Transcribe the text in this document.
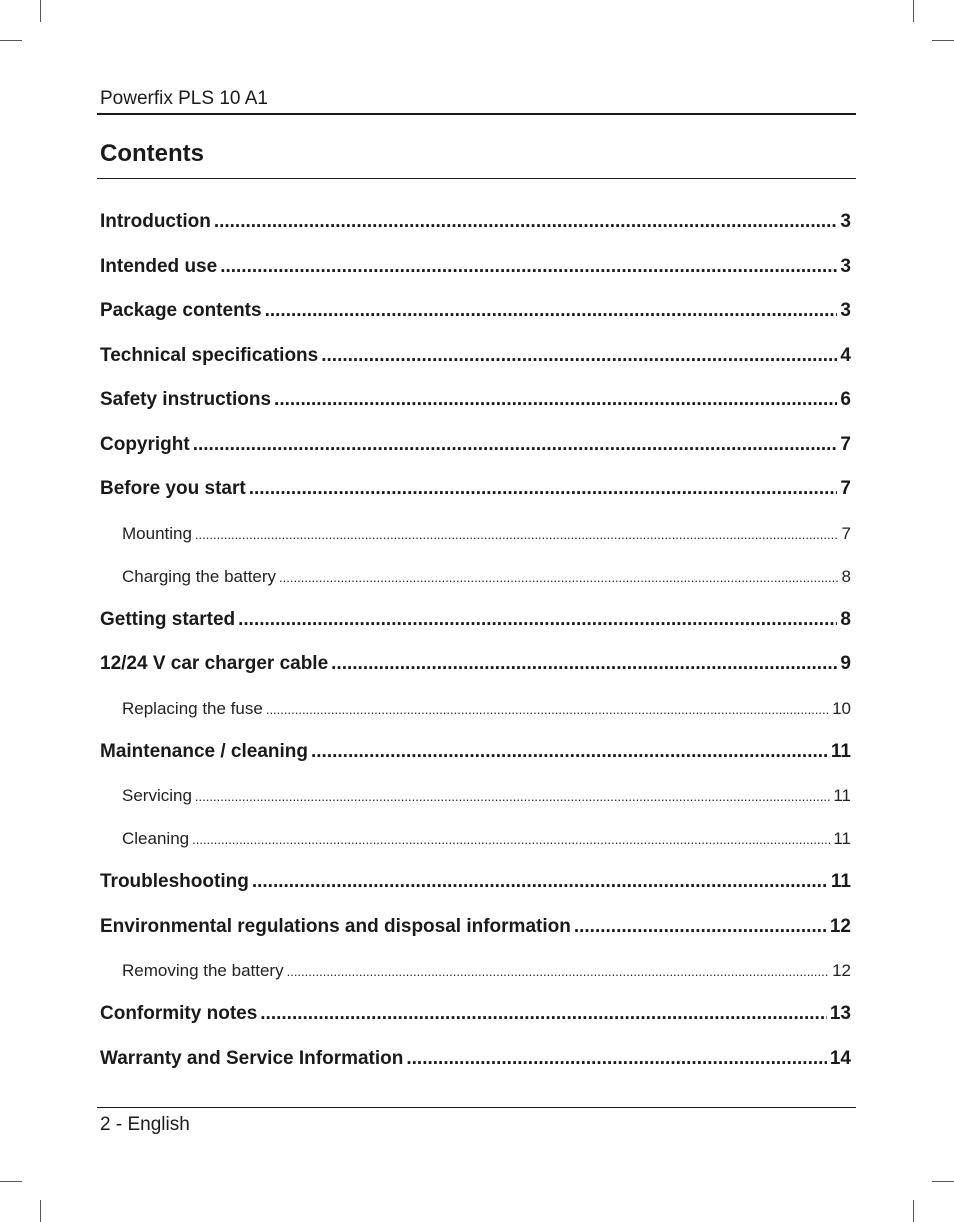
Powerfix PLS 10 A1
Contents
Introduction .....	3
Intended use .....	3
Package contents .....	3
Technical specifications .....	4
Safety instructions .....	6
Copyright .....	7
Before you start .....	7
Mounting .....	7
Charging the battery .....	8
Getting started .....	8
12/24 V car charger cable .....	9
Replacing the fuse .....	10
Maintenance / cleaning .....	11
Servicing .....	11
Cleaning .....	11
Troubleshooting .....	11
Environmental regulations and disposal information .....	12
Removing the battery .....	12
Conformity notes .....	13
Warranty and Service Information .....	14
2 - English
